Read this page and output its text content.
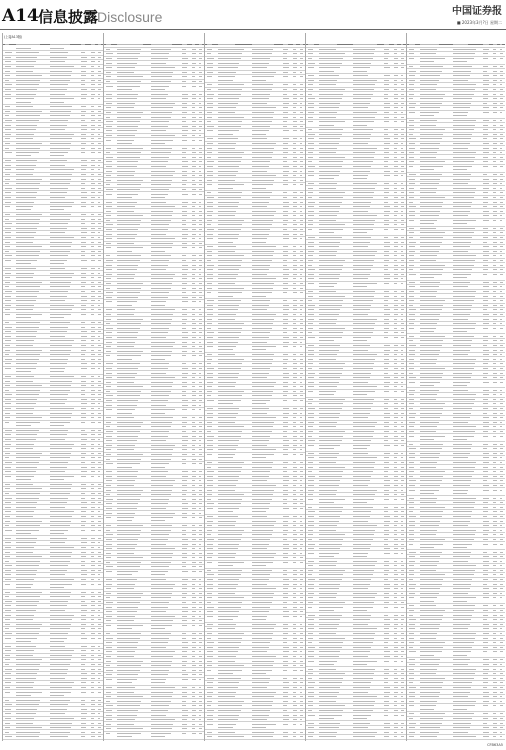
A14 信息披露
Disclosure	中国证券报
■ 2023年3月?日 星期二
(上接A13版)
CFB63A5
